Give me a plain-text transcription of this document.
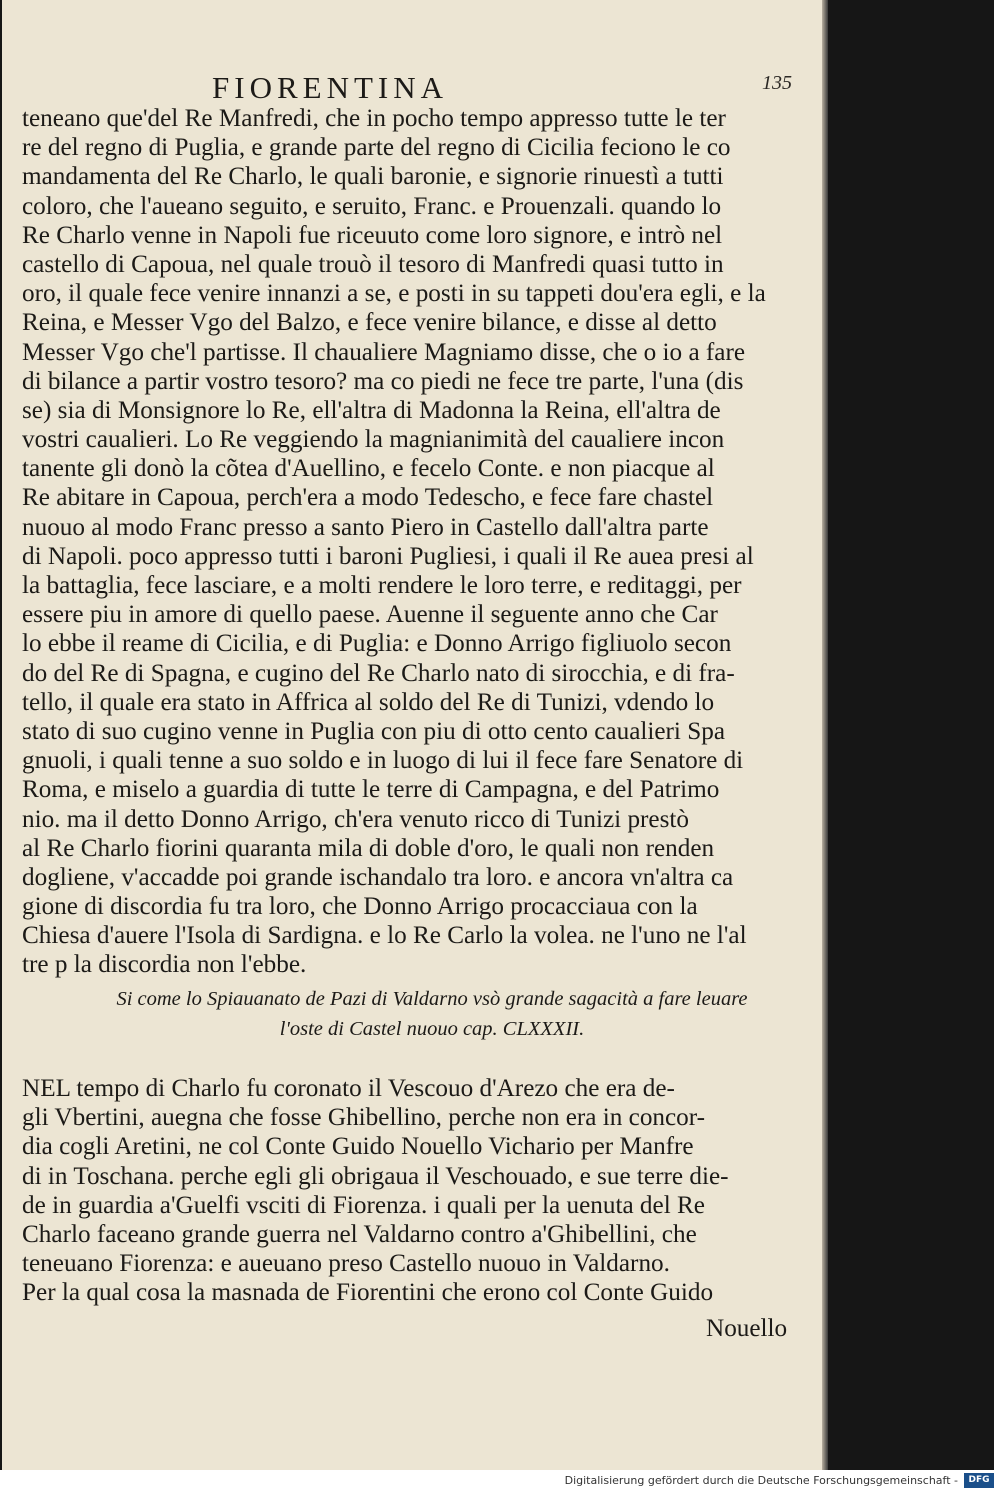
FIORENTINA	135
teneano que'del Re Manfredi, che in pocho tempo appresso tutte le ter
re del regno di Puglia, e grande parte del regno di Cicilia feciono le co
mandamenta del Re Charlo, le quali baronie, e signorie rinuestì a tutti
coloro, che l'aueano seguito, e seruito, Franc. e Prouenzali. quando lo
Re Charlo venne in Napoli fue riceuuto come loro signore, e intrò nel
castello di Capoua, nel quale trouò il tesoro di Manfredi quasi tutto in
oro, il quale fece venire innanzi a se, e posti in su tappeti dou'era egli, e la
Reina, e Messer Vgo del Balzo, e fece venire bilance, e disse al detto
Messer Vgo che'l partisse. Il chaualiere Magniamo disse, che o io a fare
di bilance a partir vostro tesoro? ma co piedi ne fece tre parte, l'una (dis
se) sia di Monsignore lo Re, ell'altra di Madonna la Reina, ell'altra de
vostri caualieri. Lo Re veggiendo la magnianimità del caualiere incon
tanente gli donò la cõtea d'Auellino, e fecelo Conte. e non piacque al
Re abitare in Capoua, perch'era a modo Tedescho, e fece fare chastel
nuouo al modo Franc presso a santo Piero in Castello dall'altra parte
di Napoli. poco appresso tutti i baroni Pugliesi, i quali il Re auea presi al
la battaglia, fece lasciare, e a molti rendere le loro terre, e reditaggi, per
essere piu in amore di quello paese. Auenne il seguente anno che Car
lo ebbe il reame di Cicilia, e di Puglia: e Donno Arrigo figliuolo secon
do del Re di Spagna, e cugino del Re Charlo nato di sirocchia, e di fra-
tello, il quale era stato in Affrica al soldo del Re di Tunizi, vdendo lo
stato di suo cugino venne in Puglia con piu di otto cento caualieri Spa
gnuoli, i quali tenne a suo soldo e in luogo di lui il fece fare Senatore di
Roma, e miselo a guardia di tutte le terre di Campagna, e del Patrimo
nio. ma il detto Donno Arrigo, ch'era venuto ricco di Tunizi prestò
al Re Charlo fiorini quaranta mila di doble d'oro, le quali non renden
dogliene, v'accadde poi grande ischandalo tra loro. e ancora vn'altra ca
gione di discordia fu tra loro, che Donno Arrigo procacciaua con la
Chiesa d'auere l'Isola di Sardigna. e lo Re Carlo la volea. ne l'uno ne l'al
tre p la discordia non l'ebbe.
Si come lo Spiauanato de Pazi di Valdarno vsò grande sagacità a fare leuare
l'oste di Castel nuouo cap. CLXXXII.
NEL tempo di Charlo fu coronato il Vescouo d'Arezo che era de-
gli Vbertini, auegna che fosse Ghibellino, perche non era in concor-
dia cogli Aretini, ne col Conte Guido Nouello Vichario per Manfre
di in Toschana. perche egli gli obrigaua il Veschouado, e sue terre die-
de in guardia a'Guelfi vsciti di Fiorenza. i quali per la uenuta del Re
Charlo faceano grande guerra nel Valdarno contro a'Ghibellini, che
teneuano Fiorenza: e aueuano preso Castello nuouo in Valdarno.
Per la qual cosa la masnada de Fiorentini che erono col Conte Guido
Nouello
Digitalisierung gefördert durch die Deutsche Forschungsgemeinschaft -	DFG
